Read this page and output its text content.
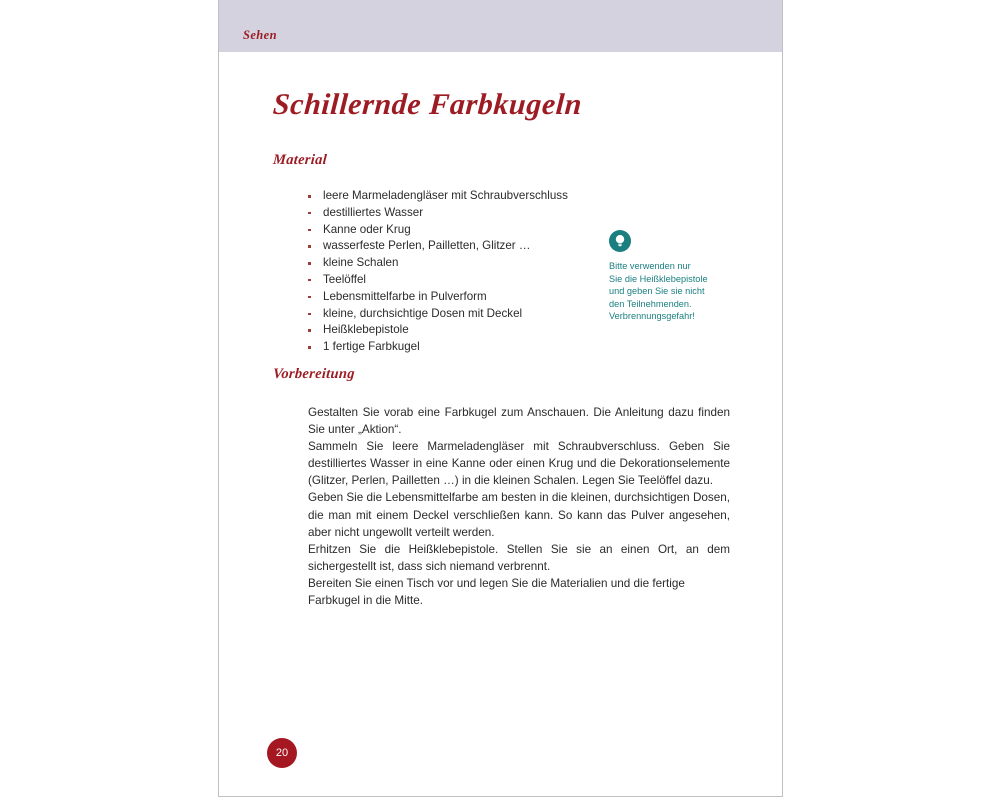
Sehen
Schillernde Farbkugeln
Material
leere Marmeladengläser mit Schraubverschluss
destilliertes Wasser
Kanne oder Krug
wasserfeste Perlen, Pailletten, Glitzer …
kleine Schalen
Teelöffel
Lebensmittelfarbe in Pulverform
kleine, durchsichtige Dosen mit Deckel
Heißklebepistole
1 fertige Farbkugel
Bitte verwenden nur
Sie die Heißklebepistole
und geben Sie sie nicht
den Teilnehmenden.
Verbrennungsgefahr!
Vorbereitung

Gestalten Sie vorab eine Farbkugel zum Anschauen. Die Anleitung dazu finden Sie unter „Aktion“.

Sammeln Sie leere Marmeladengläser mit Schraubverschluss. Geben Sie destilliertes Wasser in eine Kanne oder einen Krug und die Dekorationselemente (Glitzer, Perlen, Pailletten …) in die kleinen Schalen. Legen Sie Teelöffel dazu.

Geben Sie die Lebensmittelfarbe am besten in die kleinen, durchsichtigen Dosen, die man mit einem Deckel verschließen kann. So kann das Pulver angesehen, aber nicht ungewollt verteilt werden.

Erhitzen Sie die Heißklebepistole. Stellen Sie sie an einen Ort, an dem sichergestellt ist, dass sich niemand verbrennt.

Bereiten Sie einen Tisch vor und legen Sie die Materialien und die fertige Farbkugel in die Mitte.

20
